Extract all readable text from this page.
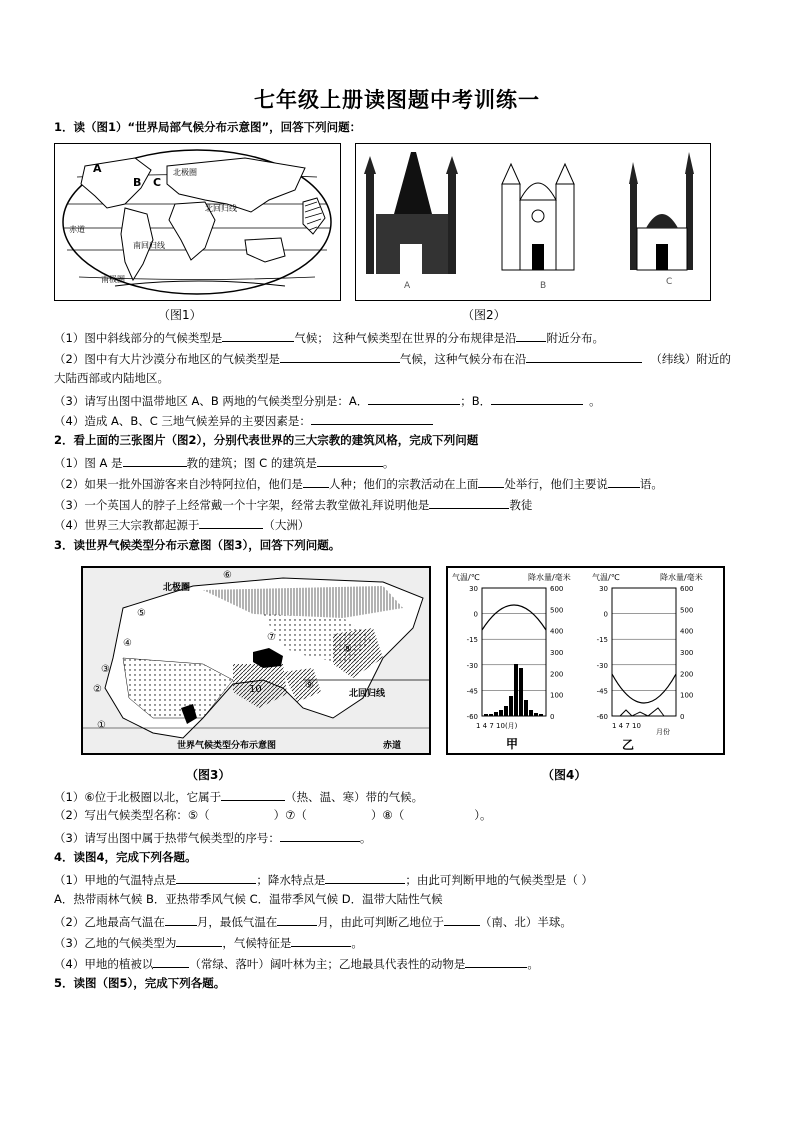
七年级上册读图题中考训练一
1．读（图1）“世界局部气候分布示意图”，回答下列问题：
北极圈
北回归线
赤道
南回归线
南极圈
A
B C
A	B	C
（图1）	（图2）
（1）图中斜线部分的气候类型是	气候； 这种气候类型在世界的分布规律是沿	附近分布。
（2）图中有大片沙漠分布地区的气候类型是	气候，这种气候分布在沿	（纬线）附近的
大陆西部或内陆地区。
（3）请写出图中温带地区 A、B 两地的气候类型分别是：A．	；B．	。
（4）造成 A、B、C 三地气候差异的主要因素是：
2．看上面的三张图片（图2），分别代表世界的三大宗教的建筑风格，完成下列问题
（1）图 A 是	教的建筑；图 C 的建筑是	。
（2）如果一批外国游客来自沙特阿拉伯，他们是 人种；他们的宗教活动在上面 处举行，他们主要说	语。
（3）一个英国人的脖子上经常戴一个十字架，经常去教堂做礼拜说明他是	教徒
（4）世界三大宗教都起源于	（大洲）
3．读世界气候类型分布示意图（图3），回答下列问题。
北极圈
北回归线
世界气候类型分布示意图	赤道
①
②
③
④
⑤
⑥
⑦
⑧
⑨
10
气温/℃	降水量/毫米	气温/℃	降水量/毫米
30
0
-15
-30
-45
-60
600
500
400
300
200
100
0
30
0
-15
-30
-45
-60
600
500
400
300
200
100
0
1 4 7 10(月)	1 4 7 10
月份
甲	乙
（图3）	（图4）
（1）⑥位于北极圈以北，它属于	（热、温、寒）带的气候。
（2）写出气候类型名称：⑤（	）⑦（	）⑧（	）。
（3）请写出图中属于热带气候类型的序号：	。
4．读图4，完成下列各题。
（1）甲地的气温特点是	；降水特点是	；由此可判断甲地的气候类型是（ ）
A．热带雨林气候 B．亚热带季风气候 C．温带季风气候 D．温带大陆性气候
（2）乙地最高气温在	月，最低气温在	月，由此可判断乙地位于	（南、北）半球。
（3）乙地的气候类型为	，气候特征是	。
（4）甲地的植被以	（常绿、落叶）阔叶林为主；乙地最具代表性的动物是	。
5．读图（图5），完成下列各题。
